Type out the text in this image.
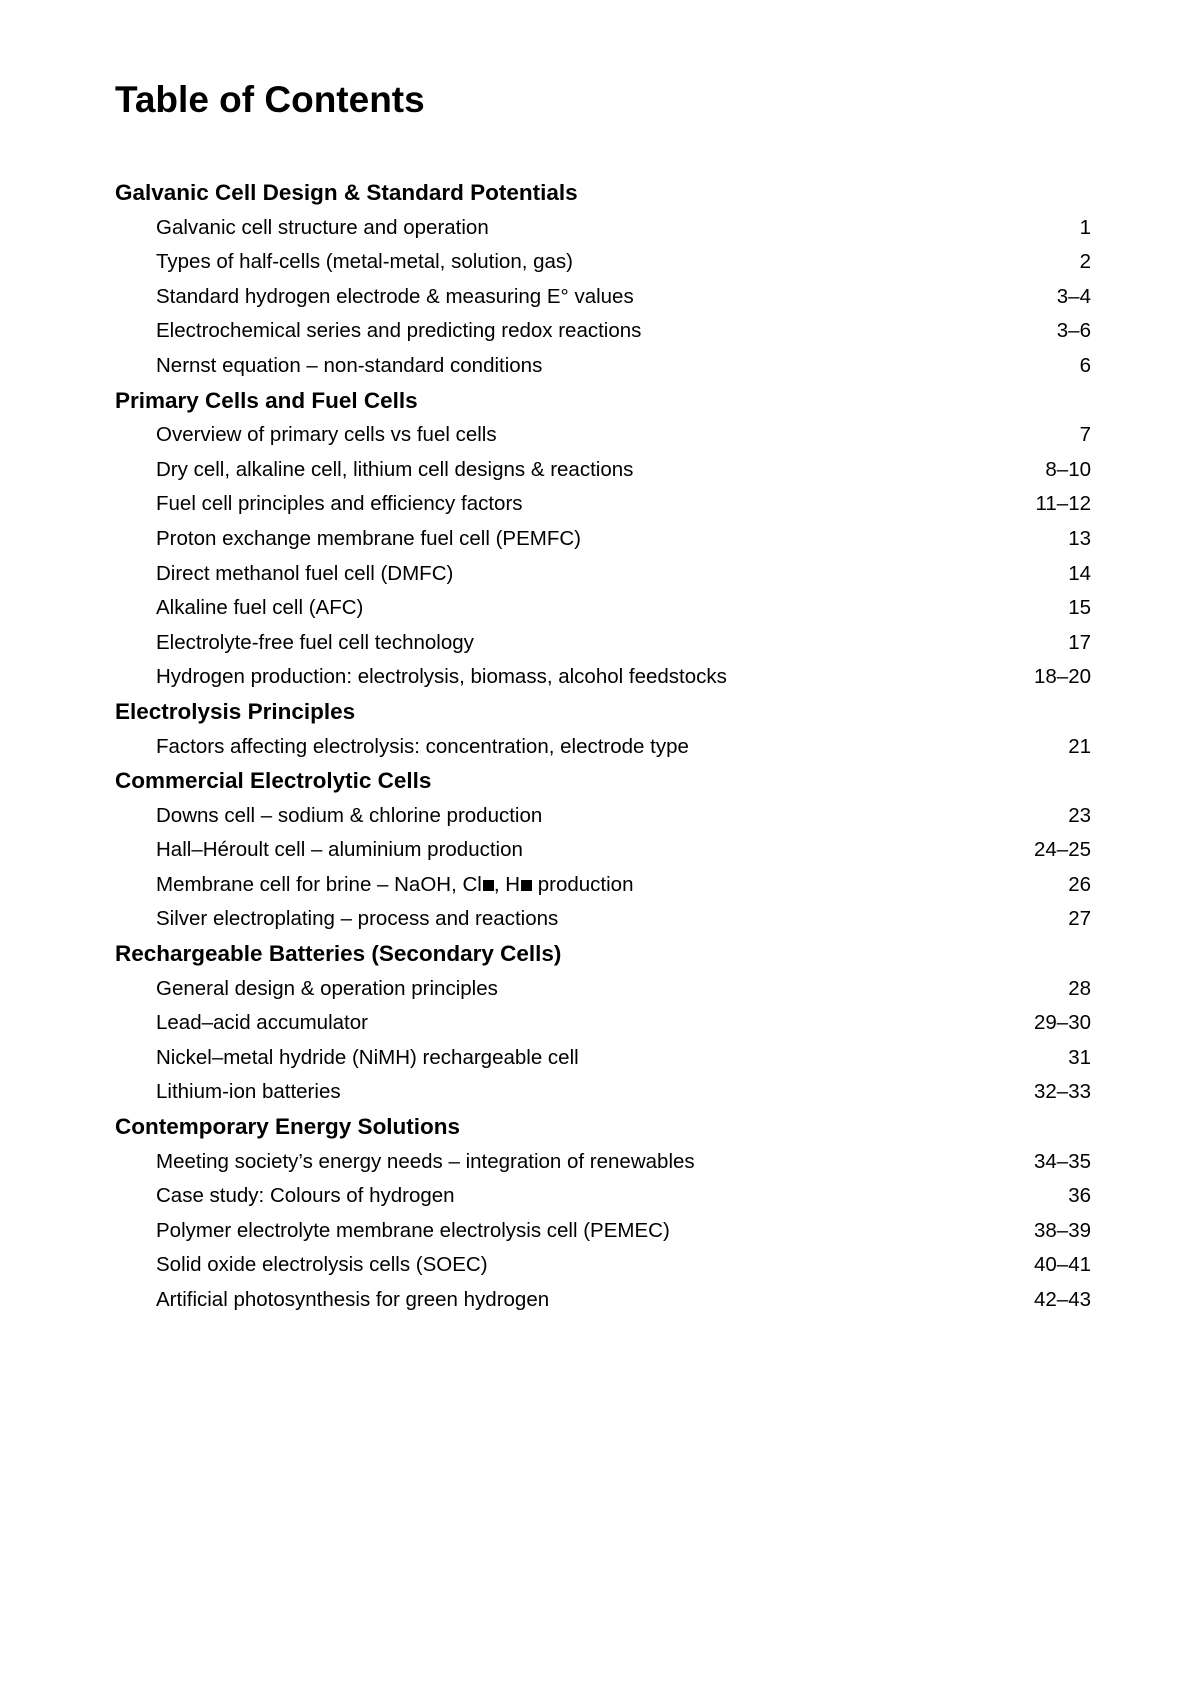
Table of Contents
Galvanic Cell Design & Standard Potentials
Galvanic cell structure and operation	1
Types of half-cells (metal-metal, solution, gas)	2
Standard hydrogen electrode & measuring E° values	3–4
Electrochemical series and predicting redox reactions	3–6
Nernst equation – non-standard conditions	6
Primary Cells and Fuel Cells
Overview of primary cells vs fuel cells	7
Dry cell, alkaline cell, lithium cell designs & reactions	8–10
Fuel cell principles and efficiency factors	11–12
Proton exchange membrane fuel cell (PEMFC)	13
Direct methanol fuel cell (DMFC)	14
Alkaline fuel cell (AFC)	15
Electrolyte-free fuel cell technology	17
Hydrogen production: electrolysis, biomass, alcohol feedstocks	18–20
Electrolysis Principles
Factors affecting electrolysis: concentration, electrode type	21
Commercial Electrolytic Cells
Downs cell – sodium & chlorine production	23
Hall–Héroult cell – aluminium production	24–25
Membrane cell for brine – NaOH, Cl , H production	26
Silver electroplating – process and reactions	27
Rechargeable Batteries (Secondary Cells)
General design & operation principles	28
Lead–acid accumulator	29–30
Nickel–metal hydride (NiMH) rechargeable cell	31
Lithium-ion batteries	32–33
Contemporary Energy Solutions
Meeting society’s energy needs – integration of renewables	34–35
Case study: Colours of hydrogen	36
Polymer electrolyte membrane electrolysis cell (PEMEC)	38–39
Solid oxide electrolysis cells (SOEC)	40–41
Artificial photosynthesis for green hydrogen	42–43
